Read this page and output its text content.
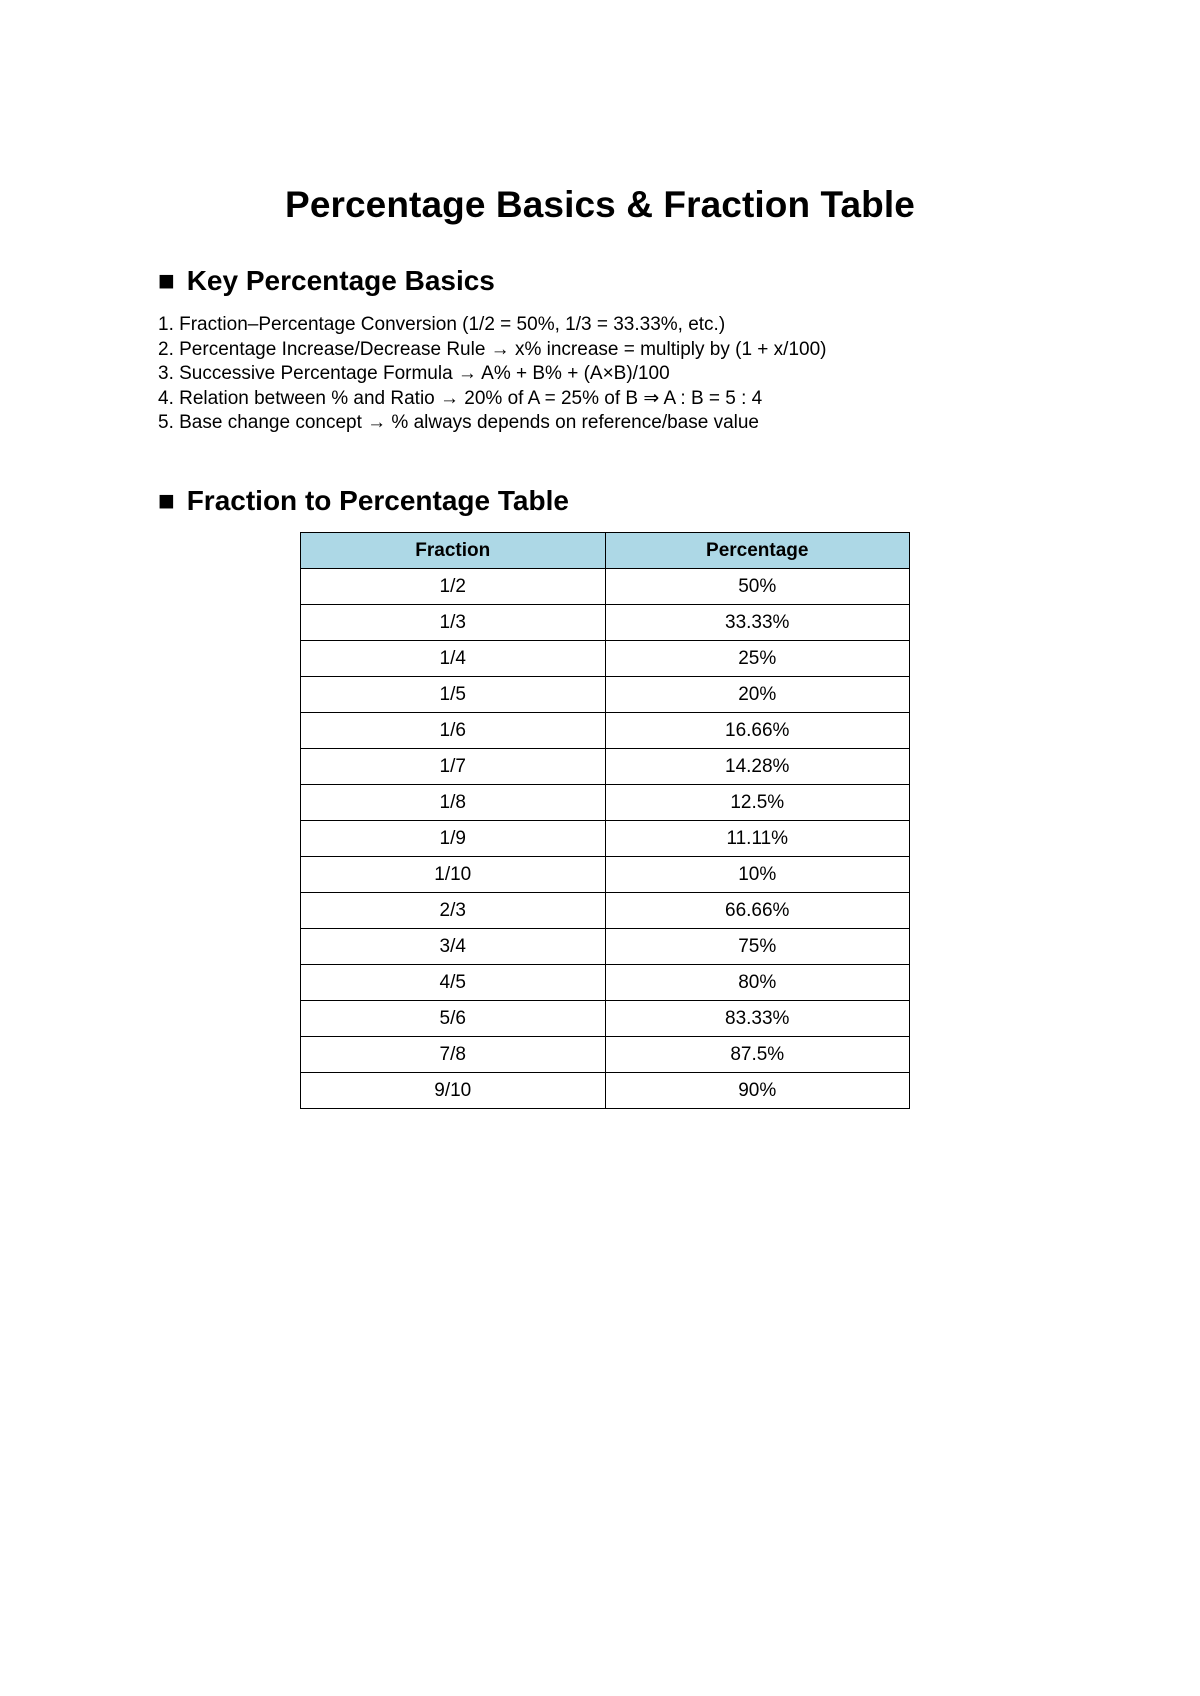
Percentage Basics & Fraction Table
■ Key Percentage Basics
1. Fraction–Percentage Conversion (1/2 = 50%, 1/3 = 33.33%, etc.)
2. Percentage Increase/Decrease Rule → x% increase = multiply by (1 + x/100)
3. Successive Percentage Formula → A% + B% + (A×B)/100
4. Relation between % and Ratio → 20% of A = 25% of B ⇒ A : B = 5 : 4
5. Base change concept → % always depends on reference/base value
■ Fraction to Percentage Table
Fraction	Percentage
1/2	50%
1/3	33.33%
1/4	25%
1/5	20%
1/6	16.66%
1/7	14.28%
1/8	12.5%
1/9	11.11%
1/10	10%
2/3	66.66%
3/4	75%
4/5	80%
5/6	83.33%
7/8	87.5%
9/10	90%
